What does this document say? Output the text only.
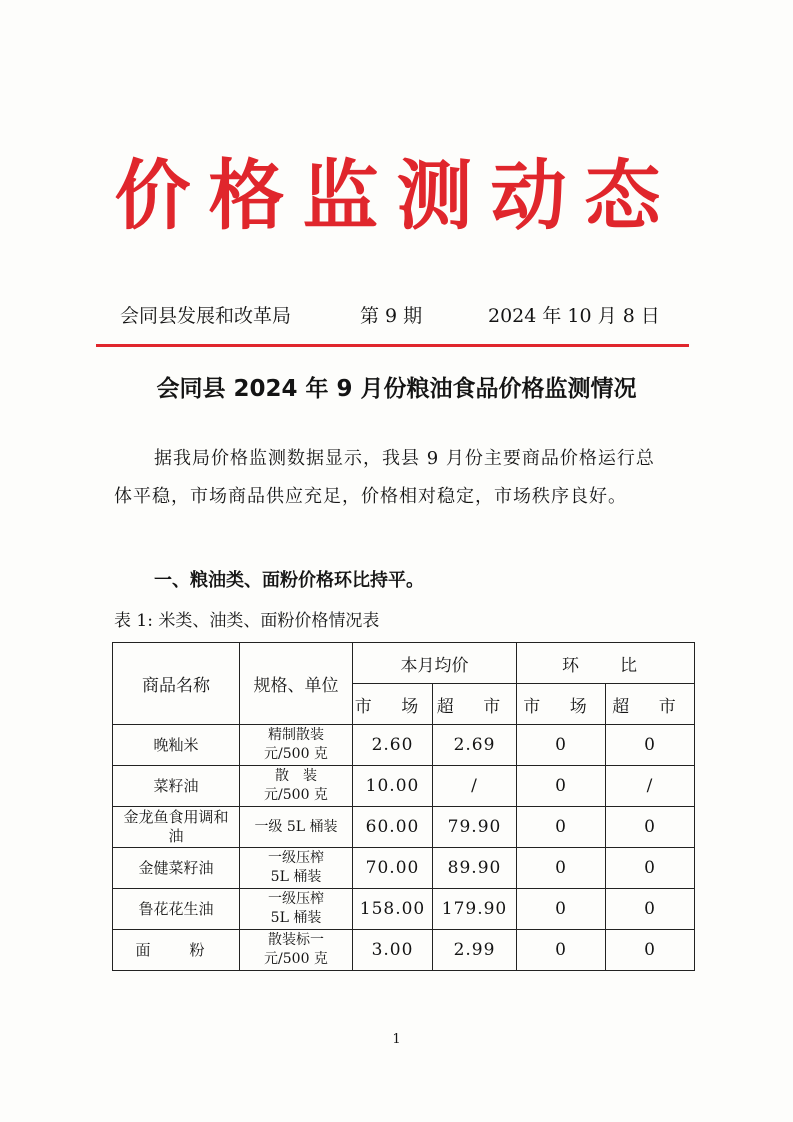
价格监测动态
会同县发展和改革局	第 9 期	2024 年 10 月 8 日
会同县 2024 年 9 月份粮油食品价格监测情况

据我局价格监测数据显示，我县 9 月份主要商品价格运行总体平稳，市场商品供应充足，价格相对稳定，市场秩序良好。

一、粮油类、面粉价格环比持平。

表 1: 米类、油类、面粉价格情况表
商品名称	规格、单位	本月均价		环　比	
		市 场	超 市	市 场	超 市
晚籼米	精制散装
元/500 克	2.60	2.69	0	0
菜籽油	散　装
元/500 克	10.00	/	0	/

金龙鱼食用调和油	一级 5L 桶装	60.00	79.90	0	0
金健菜籽油	一级压榨
5L 桶装	70.00	89.90	0	0
鲁花花生油	一级压榨
5L 桶装	158.00	179.90	0	0
面　粉	散装标一
元/500 克	3.00	2.99	0	0
1
